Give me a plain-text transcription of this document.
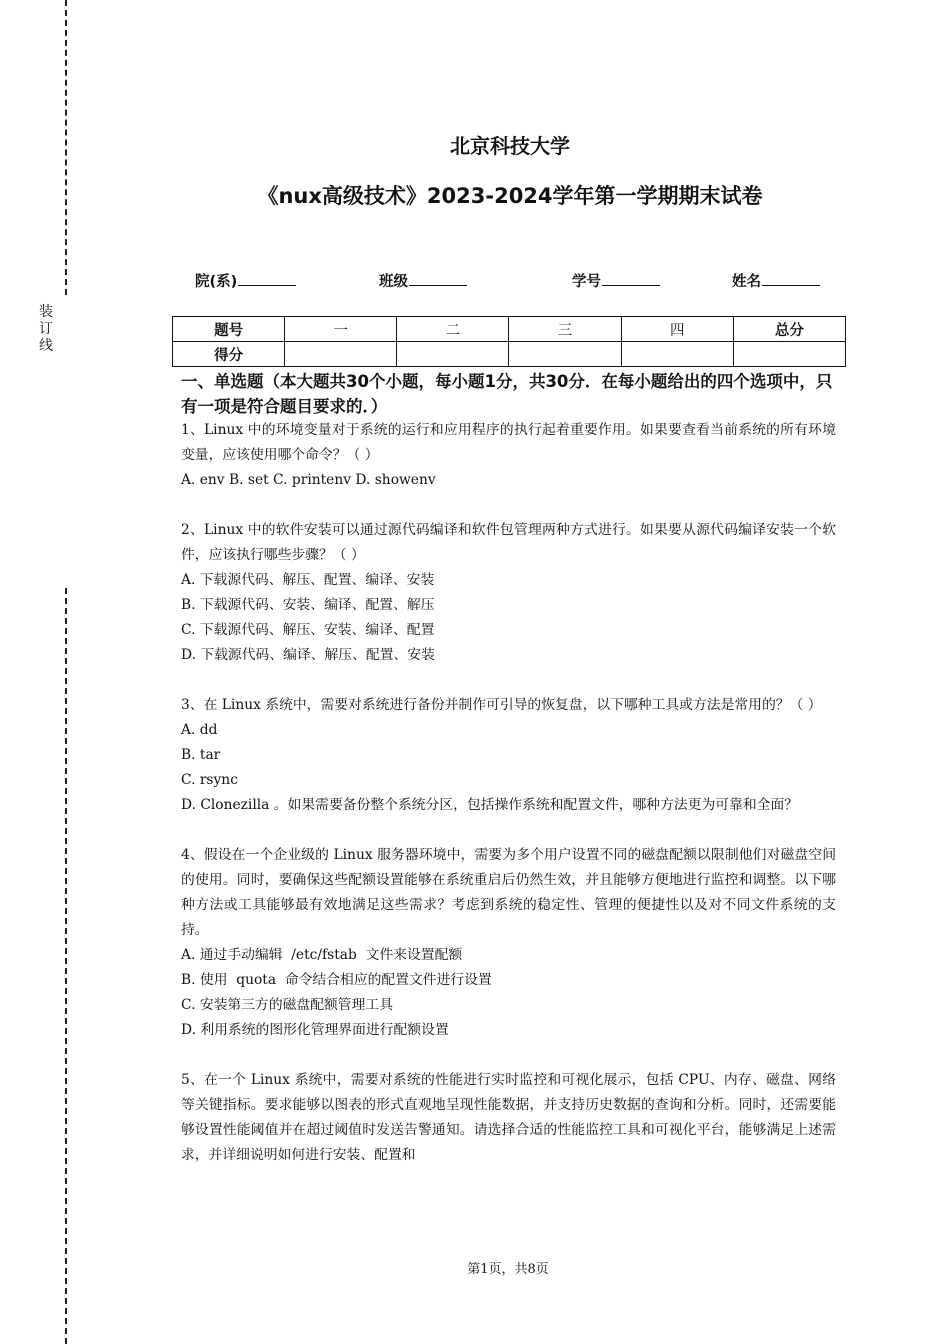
装订线
北京科技大学
《nux高级技术》2023-2024学年第一学期期末试卷
院(系)	班级	学号	姓名
题号	一	二	三	四	总分
得分					
一、单选题（本大题共30个小题，每小题1分，共30分．在每小题给出的四个选项中，只有一项是符合题目要求的．）
1、Linux 中的环境变量对于系统的运行和应用程序的执行起着重要作用。如果要查看当前系统的所有环境变量，应该使用哪个命令？（ ）
A. env B. set C. printenv D. showenv
2、Linux 中的软件安装可以通过源代码编译和软件包管理两种方式进行。如果要从源代码编译安装一个软件，应该执行哪些步骤？（ ）
A. 下载源代码、解压、配置、编译、安装
B. 下载源代码、安装、编译、配置、解压
C. 下载源代码、解压、安装、编译、配置
D. 下载源代码、编译、解压、配置、安装
3、在 Linux 系统中，需要对系统进行备份并制作可引导的恢复盘，以下哪种工具或方法是常用的？（ ）
A. dd
B. tar
C. rsync
D. Clonezilla 。如果需要备份整个系统分区，包括操作系统和配置文件，哪种方法更为可靠和全面？
4、假设在一个企业级的 Linux 服务器环境中，需要为多个用户设置不同的磁盘配额以限制他们对磁盘空间的使用。同时，要确保这些配额设置能够在系统重启后仍然生效，并且能够方便地进行监控和调整。以下哪种方法或工具能够最有效地满足这些需求？考虑到系统的稳定性、管理的便捷性以及对不同文件系统的支持。
A. 通过手动编辑  /etc/fstab  文件来设置配额
B. 使用  quota  命令结合相应的配置文件进行设置
C. 安装第三方的磁盘配额管理工具
D. 利用系统的图形化管理界面进行配额设置
5、在一个 Linux 系统中，需要对系统的性能进行实时监控和可视化展示，包括 CPU、内存、磁盘、网络等关键指标。要求能够以图表的形式直观地呈现性能数据，并支持历史数据的查询和分析。同时，还需要能够设置性能阈值并在超过阈值时发送告警通知。请选择合适的性能监控工具和可视化平台，能够满足上述需求，并详细说明如何进行安装、配置和
第1页，共8页
